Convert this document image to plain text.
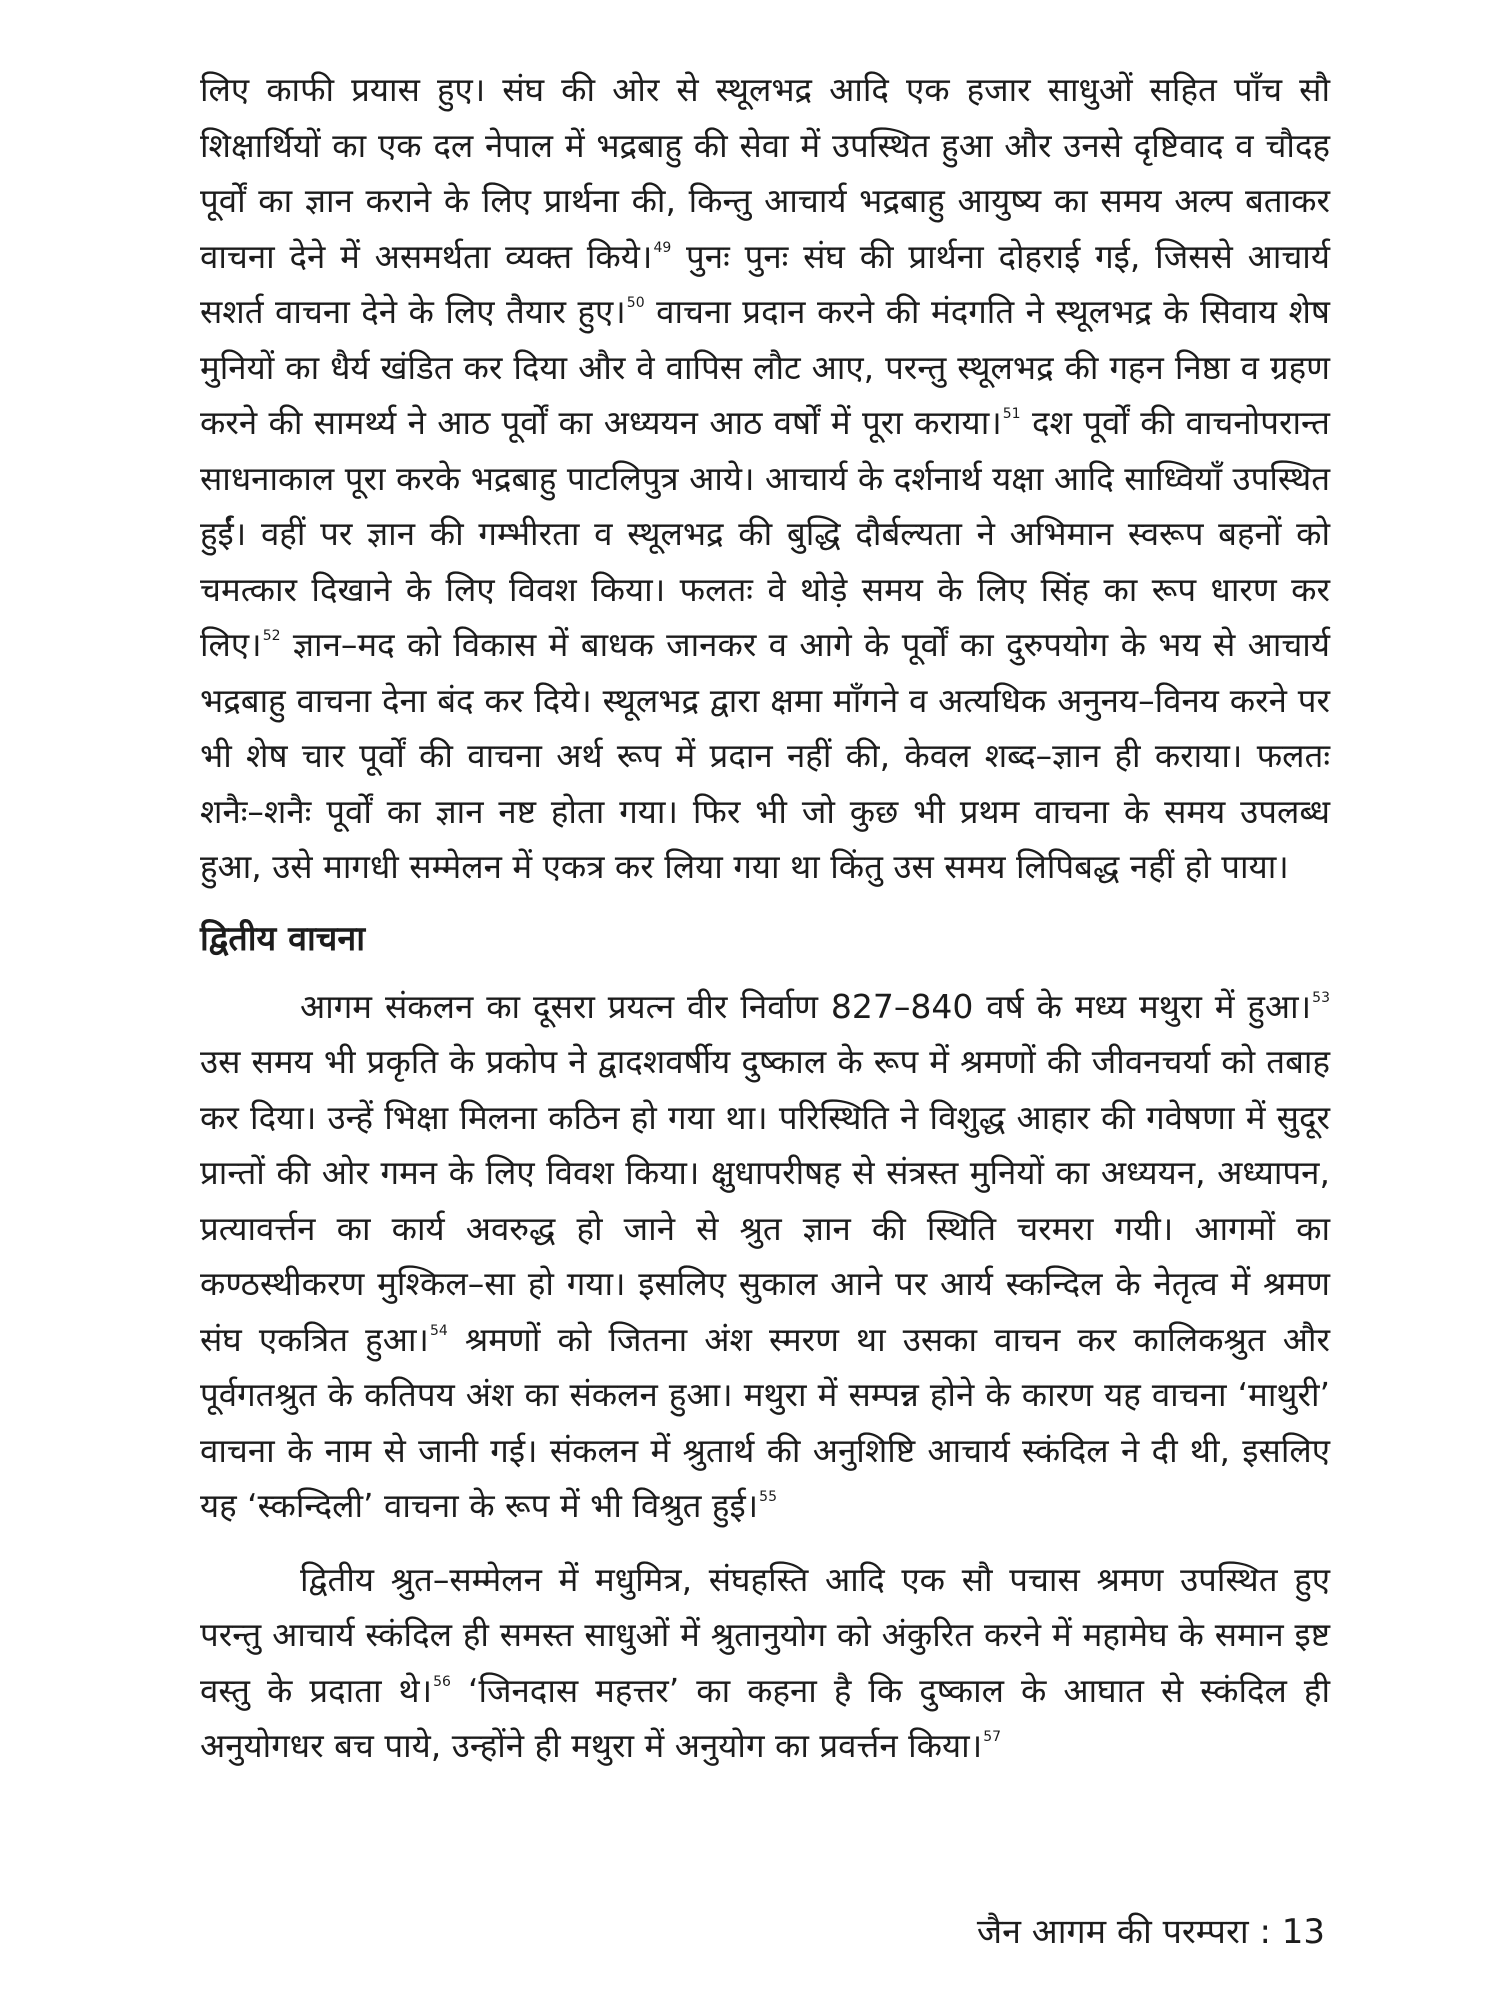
लिए काफी प्रयास हुए। संघ की ओर से स्थूलभद्र आदि एक हजार साधुओं सहित पाँच सौ शिक्षार्थियों का एक दल नेपाल में भद्रबाहु की सेवा में उपस्थित हुआ और उनसे दृष्टिवाद व चौदह पूर्वों का ज्ञान कराने के लिए प्रार्थना की, किन्तु आचार्य भद्रबाहु आयुष्य का समय अल्प बताकर वाचना देने में असमर्थता व्यक्त किये।$^{49}$ पुनः पुनः संघ की प्रार्थना दोहराई गई, जिससे आचार्य सशर्त वाचना देने के लिए तैयार हुए।$^{50}$ वाचना प्रदान करने की मंदगति ने स्थूलभद्र के सिवाय शेष मुनियों का धैर्य खंडित कर दिया और वे वापिस लौट आए, परन्तु स्थूलभद्र की गहन निष्ठा व ग्रहण करने की सामर्थ्य ने आठ पूर्वों का अध्ययन आठ वर्षों में पूरा कराया।$^{51}$ दश पूर्वों की वाचनोपरान्त साधनाकाल पूरा करके भद्रबाहु पाटलिपुत्र आये। आचार्य के दर्शनार्थ यक्षा आदि साध्वियाँ उपस्थित हुईं। वहीं पर ज्ञान की गम्भीरता व स्थूलभद्र की बुद्धि दौर्बल्यता ने अभिमान स्वरूप बहनों को चमत्कार दिखाने के लिए विवश किया। फलतः वे थोड़े समय के लिए सिंह का रूप धारण कर लिए।$^{52}$ ज्ञान–मद को विकास में बाधक जानकर व आगे के पूर्वों का दुरुपयोग के भय से आचार्य भद्रबाहु वाचना देना बंद कर दिये। स्थूलभद्र द्वारा क्षमा माँगने व अत्यधिक अनुनय–विनय करने पर भी शेष चार पूर्वों की वाचना अर्थ रूप में प्रदान नहीं की, केवल शब्द–ज्ञान ही कराया। फलतः शनैः–शनैः पूर्वों का ज्ञान नष्ट होता गया। फिर भी जो कुछ भी प्रथम वाचना के समय उपलब्ध हुआ, उसे मागधी सम्मेलन में एकत्र कर लिया गया था किंतु उस समय लिपिबद्ध नहीं हो पाया।

द्वितीय वाचना

आगम संकलन का दूसरा प्रयत्न वीर निर्वाण 827–840 वर्ष के मध्य मथुरा में हुआ।$^{53}$ उस समय भी प्रकृति के प्रकोप ने द्वादशवर्षीय दुष्काल के रूप में श्रमणों की जीवनचर्या को तबाह कर दिया। उन्हें भिक्षा मिलना कठिन हो गया था। परिस्थिति ने विशुद्ध आहार की गवेषणा में सुदूर प्रान्तों की ओर गमन के लिए विवश किया। क्षुधापरीषह से संत्रस्त मुनियों का अध्ययन, अध्यापन, प्रत्यावर्त्तन का कार्य अवरुद्ध हो जाने से श्रुत ज्ञान की स्थिति चरमरा गयी। आगमों का कण्ठस्थीकरण मुश्किल–सा हो गया। इसलिए सुकाल आने पर आर्य स्कन्दिल के नेतृत्व में श्रमण संघ एकत्रित हुआ।$^{54}$ श्रमणों को जितना अंश स्मरण था उसका वाचन कर कालिकश्रुत और पूर्वगतश्रुत के कतिपय अंश का संकलन हुआ। मथुरा में सम्पन्न होने के कारण यह वाचना ‘माथुरी’ वाचना के नाम से जानी गई। संकलन में श्रुतार्थ की अनुशिष्टि आचार्य स्कंदिल ने दी थी, इसलिए यह ‘स्कन्दिली’ वाचना के रूप में भी विश्रुत हुई।$^{55}$

द्वितीय श्रुत–सम्मेलन में मधुमित्र, संघहस्ति आदि एक सौ पचास श्रमण उपस्थित हुए परन्तु आचार्य स्कंदिल ही समस्त साधुओं में श्रुतानुयोग को अंकुरित करने में महामेघ के समान इष्ट वस्तु के प्रदाता थे।$^{56}$ ‘जिनदास महत्तर’ का कहना है कि दुष्काल के आघात से स्कंदिल ही अनुयोगधर बच पाये, उन्होंने ही मथुरा में अनुयोग का प्रवर्त्तन किया।$^{57}$

जैन आगम की परम्परा : 13
